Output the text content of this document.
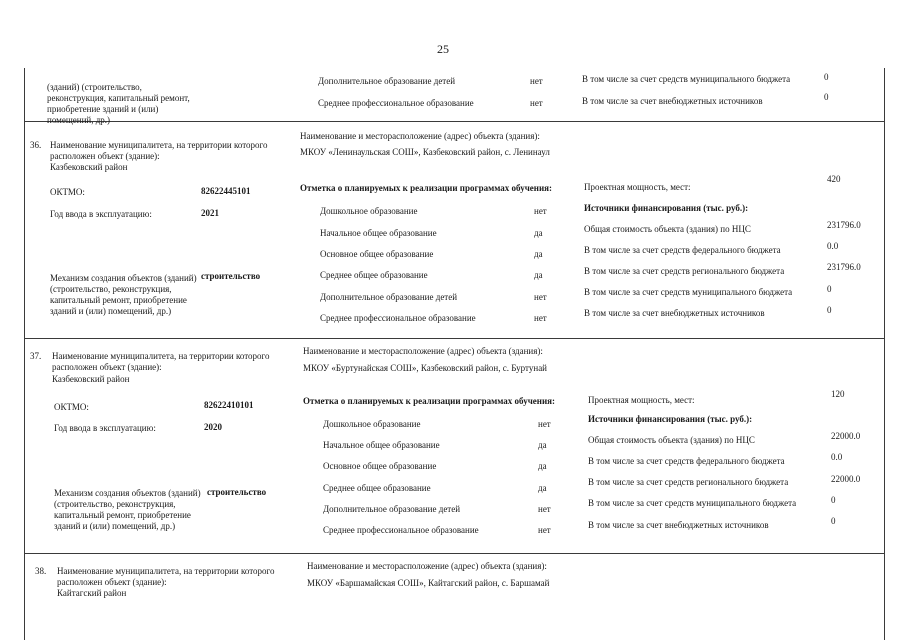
25
(зданий) (строительство, реконструкция, капитальный ремонт, приобретение зданий и (или) помещений, др.)
Дополнительное образование детей	нет
Среднее профессиональное образование	нет
В том числе за счет средств муниципального бюджета	0
В том числе за счет внебюджетных источников	0
36. Наименование муниципалитета, на территории которого расположен объект (здание):
Казбековский район
Наименование и месторасположение (адрес) объекта (здания):
МКОУ «Ленинаульская СОШ», Казбековский район, с. Ленинаул
ОКТМО:	82622445101
Год ввода в эксплуатацию:	2021
Механизм создания объектов (зданий) (строительство, реконструкция, капитальный ремонт, приобретение зданий и (или) помещений, др.)
строительство
Отметка о планируемых к реализации программах обучения:
Дошкольное образование	нет
Начальное общее образование	да
Основное общее образование	да
Среднее общее образование	да
Дополнительное образование детей	нет
Среднее профессиональное образование	нет
Проектная мощность, мест:
420
Источники финансирования (тыс. руб.):
Общая стоимость объекта (здания) по НЦС	231796.0
В том числе за счет средств федерального бюджета	0.0
В том числе за счет средств регионального бюджета	231796.0
В том числе за счет средств муниципального бюджета	0
В том числе за счет внебюджетных источников	0
37. Наименование муниципалитета, на территории которого расположен объект (здание):
Казбековский район
Наименование и месторасположение (адрес) объекта (здания):
МКОУ «Буртунайская СОШ», Казбековский район, с. Буртунай
ОКТМО:	82622410101
Год ввода в эксплуатацию:	2020
Механизм создания объектов (зданий) (строительство, реконструкция, капитальный ремонт, приобретение зданий и (или) помещений, др.)
строительство
Отметка о планируемых к реализации программах обучения:
Дошкольное образование	нет
Начальное общее образование	да
Основное общее образование	да
Среднее общее образование	да
Дополнительное образование детей	нет
Среднее профессиональное образование	нет
Проектная мощность, мест:
120
Источники финансирования (тыс. руб.):
Общая стоимость объекта (здания) по НЦС	22000.0
В том числе за счет средств федерального бюджета	0.0
В том числе за счет средств регионального бюджета	22000.0
В том числе за счет средств муниципального бюджета	0
В том числе за счет внебюджетных источников	0
38. Наименование муниципалитета, на территории которого расположен объект (здание):
Кайтагский район
Наименование и месторасположение (адрес) объекта (здания):
МКОУ «Баршамайская СОШ», Кайтагский район, с. Баршамай
